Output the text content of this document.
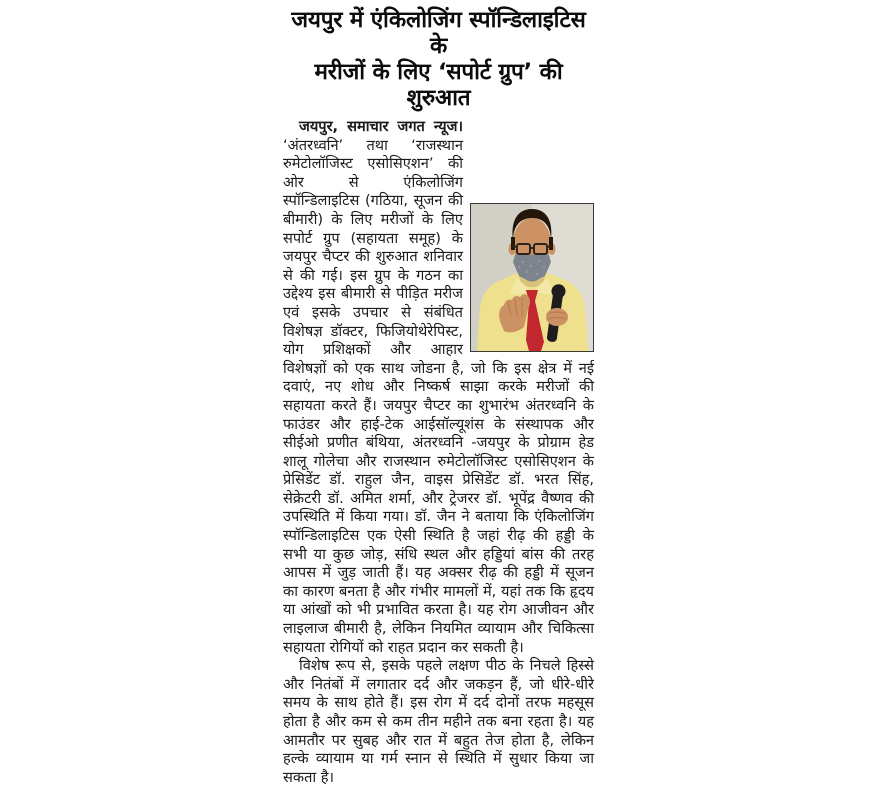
जयपुर में एंकिलोजिंग स्पॉन्डिलाइटिस के
मरीजों के लिए ‘सपोर्ट ग्रुप’ की शुरुआत

जयपुर, समाचार जगत न्यूज। ‘अंतरध्वनि’ तथा ‘राजस्थान रुमेटोलॉजिस्ट एसोसिएशन’ की ओर से एंकिलोजिंग स्पॉन्डिलाइटिस (गठिया, सूजन की बीमारी) के लिए मरीजों के लिए सपोर्ट ग्रुप (सहायता समूह) के जयपुर चैप्टर की शुरुआत शनिवार से की गई। इस ग्रुप के गठन का उद्देश्य इस बीमारी से पीड़ित मरीज एवं इसके उपचार से संबंधित विशेषज्ञ डॉक्टर, फिजियोथेरेपिस्ट, योग प्रशिक्षकों और आहार विशेषज्ञों को एक साथ जोडना है, जो कि इस क्षेत्र में नई दवाएं, नए शोध और निष्कर्ष साझा करके मरीजों की सहायता करते हैं। जयपुर चैप्टर का शुभारंभ अंतरध्वनि के फाउंडर और हाई-टेक आईसॉल्यूशंस के संस्थापक और सीईओ प्रणीत बंथिया, अंतरध्वनि -जयपुर के प्रोग्राम हेड शालू गोलेचा और राजस्थान रुमेटोलॉजिस्ट एसोसिएशन के प्रेसिडेंट डॉ. राहुल जैन, वाइस प्रेसिडेंट डॉ. भरत सिंह, सेक्रेटरी डॉ. अमित शर्मा, और ट्रेजरर डॉ. भूपेंद्र वैष्णव की उपस्थिति में किया गया। डॉ. जैन ने बताया कि एंकिलोजिंग स्पॉन्डिलाइटिस एक ऐसी स्थिति है जहां रीढ़ की हड्डी के सभी या कुछ जोड़, संधि स्थल और हड्डियां बांस की तरह आपस में जुड़ जाती हैं। यह अक्सर रीढ़ की हड्डी में सूजन का कारण बनता है और गंभीर मामलों में, यहां तक कि हृदय या आंखों को भी प्रभावित करता है। यह रोग आजीवन और लाइलाज बीमारी है, लेकिन नियमित व्यायाम और चिकित्सा सहायता रोगियों को राहत प्रदान कर सकती है।

विशेष रूप से, इसके पहले लक्षण पीठ के निचले हिस्से और नितंबों में लगातार दर्द और जकड़न हैं, जो धीरे-धीरे समय के साथ होते हैं। इस रोग में दर्द दोनों तरफ महसूस होता है और कम से कम तीन महीने तक बना रहता है। यह आमतौर पर सुबह और रात में बहुत तेज होता है, लेकिन हल्के व्यायाम या गर्म स्नान से स्थिति में सुधार किया जा सकता है।
